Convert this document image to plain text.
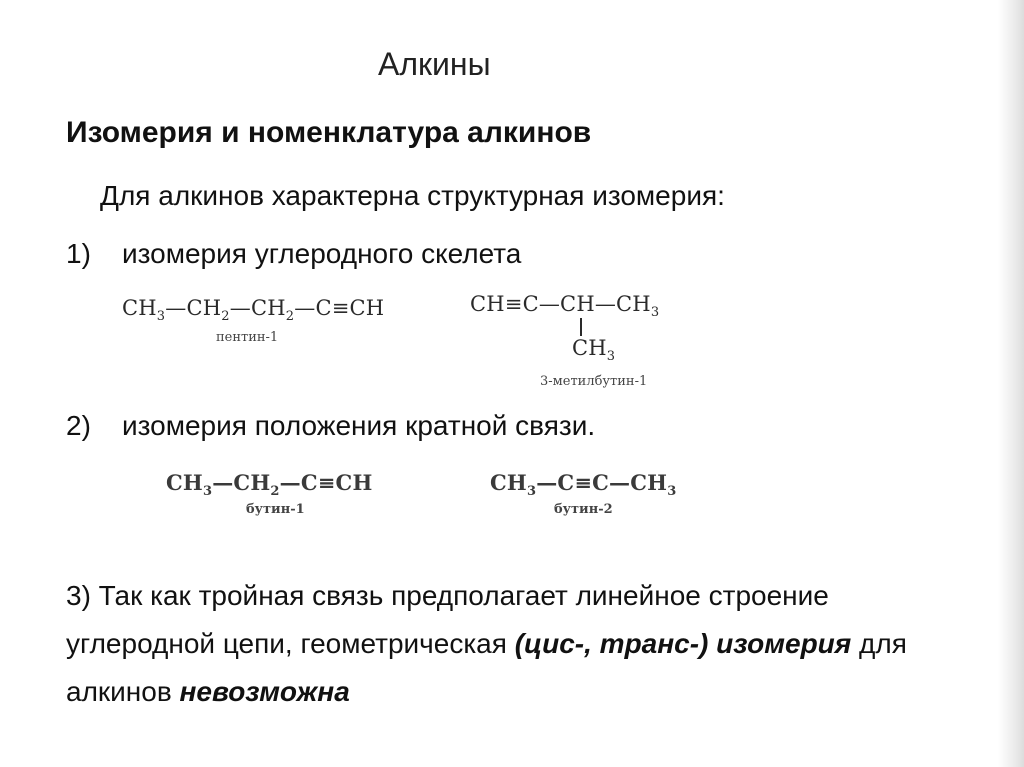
Алкины
Изомерия и номенклатура алкинов
Для алкинов характерна структурная изомерия:
1) изомерия углеродного скелета
$CH_3—CH_2—CH_2—C\equiv CH$
пентин-1
$CH\equiv C—CH—CH_3$
$CH_3$
3-метилбутин-1
2) изомерия положения кратной связи.
$CH_3—CH_2—C\equiv CH$
бутин-1
$CH_3—C\equiv C—CH_3$
бутин-2
3) Так как тройная связь предполагает линейное строение углеродной цепи, геометрическая (цис-, транс-) изомерия для алкинов невозможна
